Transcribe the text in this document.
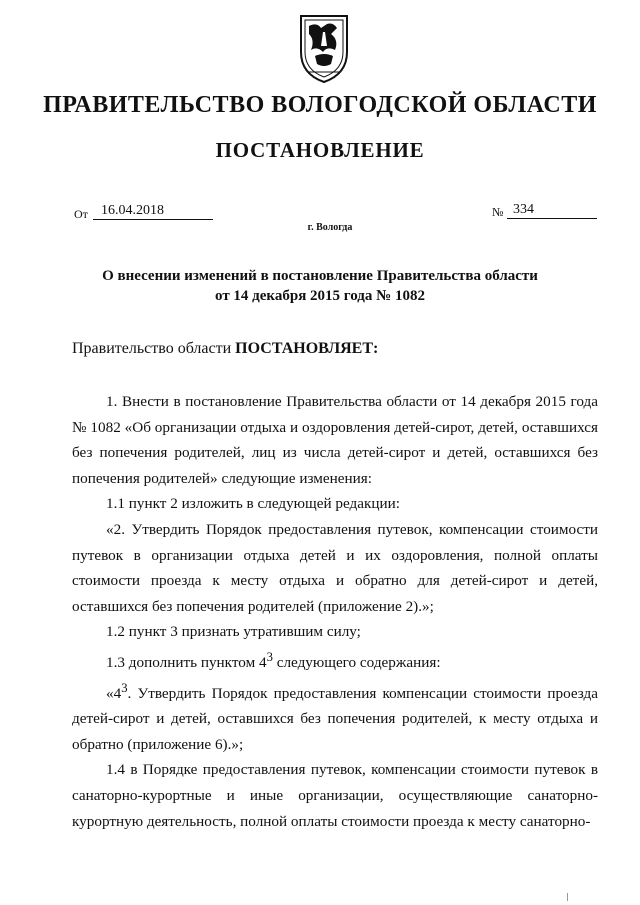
ПРАВИТЕЛЬСТВО ВОЛОГОДСКОЙ ОБЛАСТИ
ПОСТАНОВЛЕНИЕ
От 16.04.2018	№ 334
г. Вологда
О внесении изменений в постановление Правительства области
от 14 декабря 2015 года № 1082
Правительство области ПОСТАНОВЛЯЕТ:

1. Внести в постановление Правительства области от 14 декабря 2015 года № 1082 «Об организации отдыха и оздоровления детей-сирот, детей, оставшихся без попечения родителей, лиц из числа детей-сирот и детей, оставшихся без попечения родителей» следующие изменения:

1.1 пункт 2 изложить в следующей редакции:

«2. Утвердить Порядок предоставления путевок, компенсации стоимости путевок в организации отдыха детей и их оздоровления, полной оплаты стоимости проезда к месту отдыха и обратно для детей-сирот и детей, оставшихся без попечения родителей (приложение 2).»;

1.2 пункт 3 признать утратившим силу;

1.3 дополнить пунктом $4^3$ следующего содержания:

«$4^3$. Утвердить Порядок предоставления компенсации стоимости проезда детей-сирот и детей, оставшихся без попечения родителей, к месту отдыха и обратно (приложение 6).»;

1.4 в Порядке предоставления путевок, компенсации стоимости путевок в санаторно-курортные и иные организации, осуществляющие санаторно-курортную деятельность, полной оплаты стоимости проезда к месту санаторно-
